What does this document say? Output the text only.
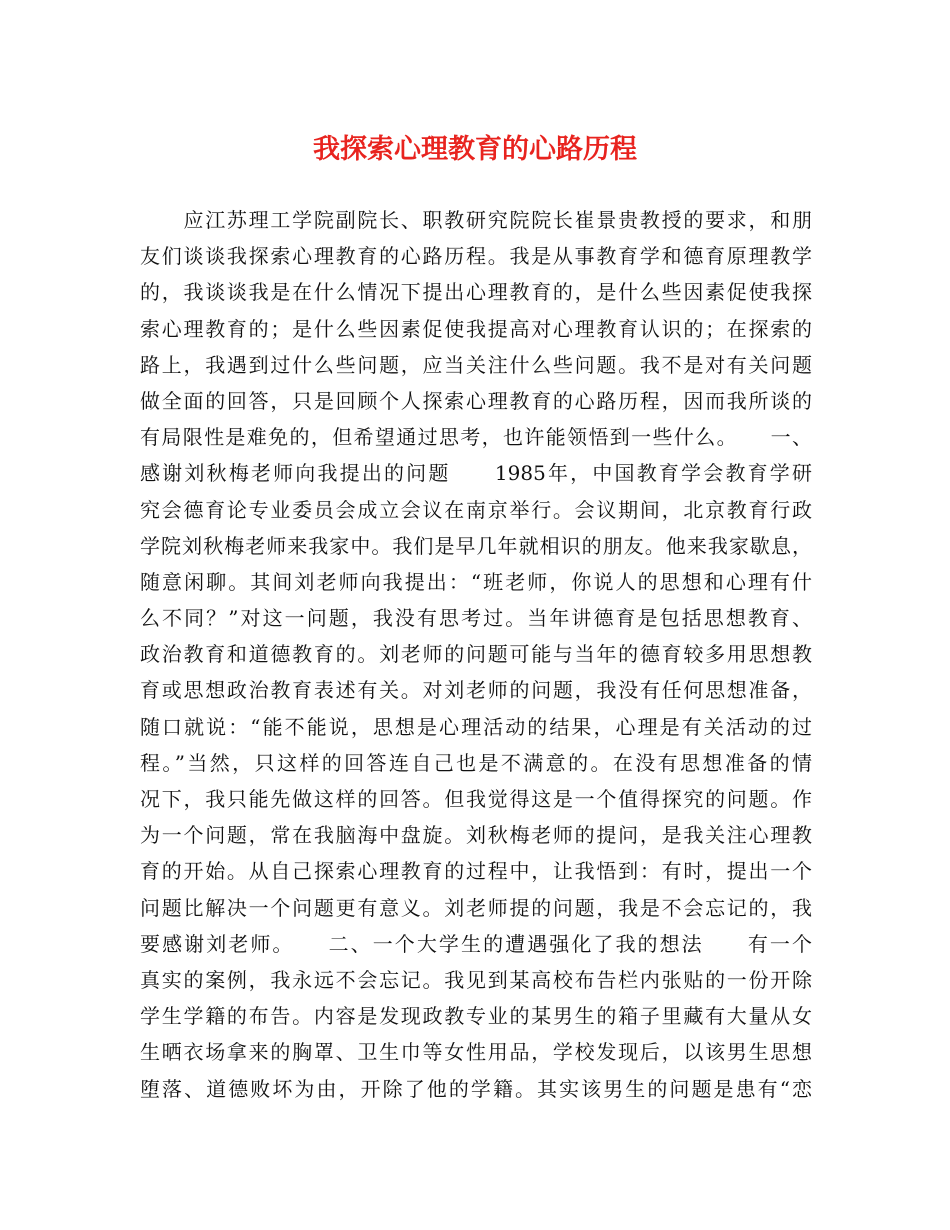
我探索心理教育的心路历程
　　应江苏理工学院副院长、职教研究院院长崔景贵教授的要求，和朋
友们谈谈我探索心理教育的心路历程。我是从事教育学和德育原理教学
的，我谈谈我是在什么情况下提出心理教育的，是什么些因素促使我探
索心理教育的；是什么些因素促使我提高对心理教育认识的；在探索的
路上，我遇到过什么些问题，应当关注什么些问题。我不是对有关问题
做全面的回答，只是回顾个人探索心理教育的心路历程，因而我所谈的
有局限性是难免的，但希望通过思考，也许能领悟到一些什么。　　一、
感谢刘秋梅老师向我提出的问题　　1985年，中国教育学会教育学研
究会德育论专业委员会成立会议在南京举行。会议期间，北京教育行政
学院刘秋梅老师来我家中。我们是早几年就相识的朋友。他来我家歇息，
随意闲聊。其间刘老师向我提出：“班老师，你说人的思想和心理有什
么不同？”对这一问题，我没有思考过。当年讲德育是包括思想教育、
政治教育和道德教育的。刘老师的问题可能与当年的德育较多用思想教
育或思想政治教育表述有关。对刘老师的问题，我没有任何思想准备，
随口就说：“能不能说，思想是心理活动的结果，心理是有关活动的过
程。”当然，只这样的回答连自己也是不满意的。在没有思想准备的情
况下，我只能先做这样的回答。但我觉得这是一个值得探究的问题。作
为一个问题，常在我脑海中盘旋。刘秋梅老师的提问，是我关注心理教
育的开始。从自己探索心理教育的过程中，让我悟到：有时，提出一个
问题比解决一个问题更有意义。刘老师提的问题，我是不会忘记的，我
要感谢刘老师。　　二、一个大学生的遭遇强化了我的想法　　有一个
真实的案例，我永远不会忘记。我见到某高校布告栏内张贴的一份开除
学生学籍的布告。内容是发现政教专业的某男生的箱子里藏有大量从女
生晒衣场拿来的胸罩、卫生巾等女性用品，学校发现后，以该男生思想
堕落、道德败坏为由，开除了他的学籍。其实该男生的问题是患有“恋
